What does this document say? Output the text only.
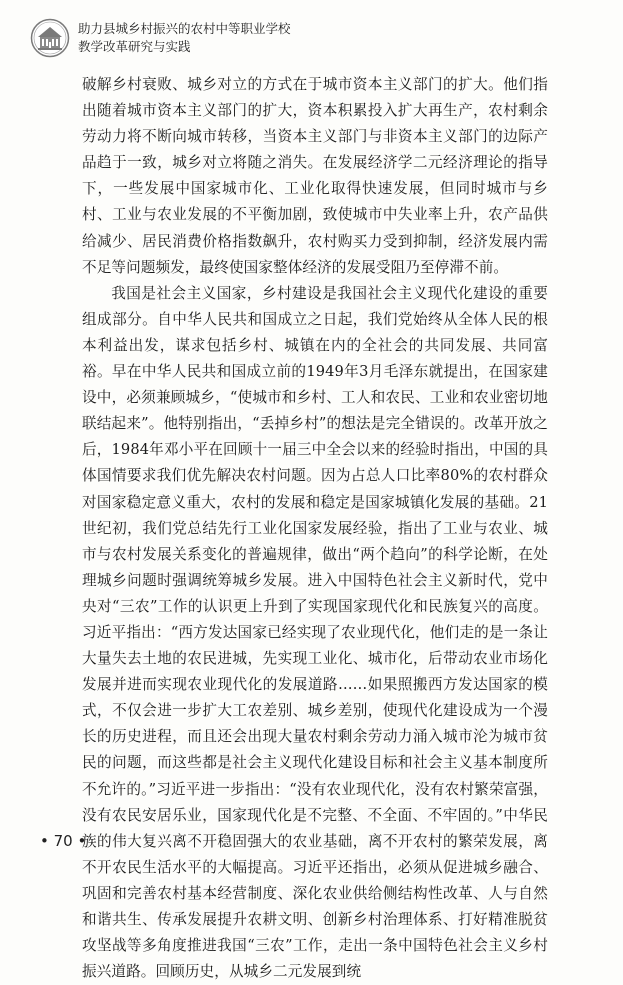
助力县城乡村振兴的农村中等职业学校
教学改革研究与实践

破解乡村衰败、城乡对立的方式在于城市资本主义部门的扩大。他们指出随着城市资本主义部门的扩大，资本积累投入扩大再生产，农村剩余劳动力将不断向城市转移，当资本主义部门与非资本主义部门的边际产品趋于一致，城乡对立将随之消失。在发展经济学二元经济理论的指导下，一些发展中国家城市化、工业化取得快速发展，但同时城市与乡村、工业与农业发展的不平衡加剧，致使城市中失业率上升，农产品供给减少、居民消费价格指数飙升，农村购买力受到抑制，经济发展内需不足等问题频发，最终使国家整体经济的发展受阻乃至停滞不前。

我国是社会主义国家，乡村建设是我国社会主义现代化建设的重要组成部分。自中华人民共和国成立之日起，我们党始终从全体人民的根本利益出发，谋求包括乡村、城镇在内的全社会的共同发展、共同富裕。早在中华人民共和国成立前的1949年3月毛泽东就提出，在国家建设中，必须兼顾城乡，“使城市和乡村、工人和农民、工业和农业密切地联结起来”。他特别指出，“丢掉乡村”的想法是完全错误的。改革开放之后，1984年邓小平在回顾十一届三中全会以来的经验时指出，中国的具体国情要求我们优先解决农村问题。因为占总人口比率80%的农村群众对国家稳定意义重大，农村的发展和稳定是国家城镇化发展的基础。21世纪初，我们党总结先行工业化国家发展经验，指出了工业与农业、城市与农村发展关系变化的普遍规律，做出“两个趋向”的科学论断，在处理城乡问题时强调统筹城乡发展。进入中国特色社会主义新时代，党中央对“三农”工作的认识更上升到了实现国家现代化和民族复兴的高度。习近平指出：“西方发达国家已经实现了农业现代化，他们走的是一条让大量失去土地的农民进城，先实现工业化、城市化，后带动农业市场化发展并进而实现农业现代化的发展道路……如果照搬西方发达国家的模式，不仅会进一步扩大工农差别、城乡差别，使现代化建设成为一个漫长的历史进程，而且还会出现大量农村剩余劳动力涌入城市沦为城市贫民的问题，而这些都是社会主义现代化建设目标和社会主义基本制度所不允许的。”习近平进一步指出：“没有农业现代化，没有农村繁荣富强，没有农民安居乐业，国家现代化是不完整、不全面、不牢固的。”中华民族的伟大复兴离不开稳固强大的农业基础，离不开农村的繁荣发展，离不开农民生活水平的大幅提高。习近平还指出，必须从促进城乡融合、巩固和完善农村基本经营制度、深化农业供给侧结构性改革、人与自然和谐共生、传承发展提升农耕文明、创新乡村治理体系、打好精准脱贫攻坚战等多角度推进我国“三农”工作，走出一条中国特色社会主义乡村振兴道路。回顾历史，从城乡二元发展到统

• 70 •
